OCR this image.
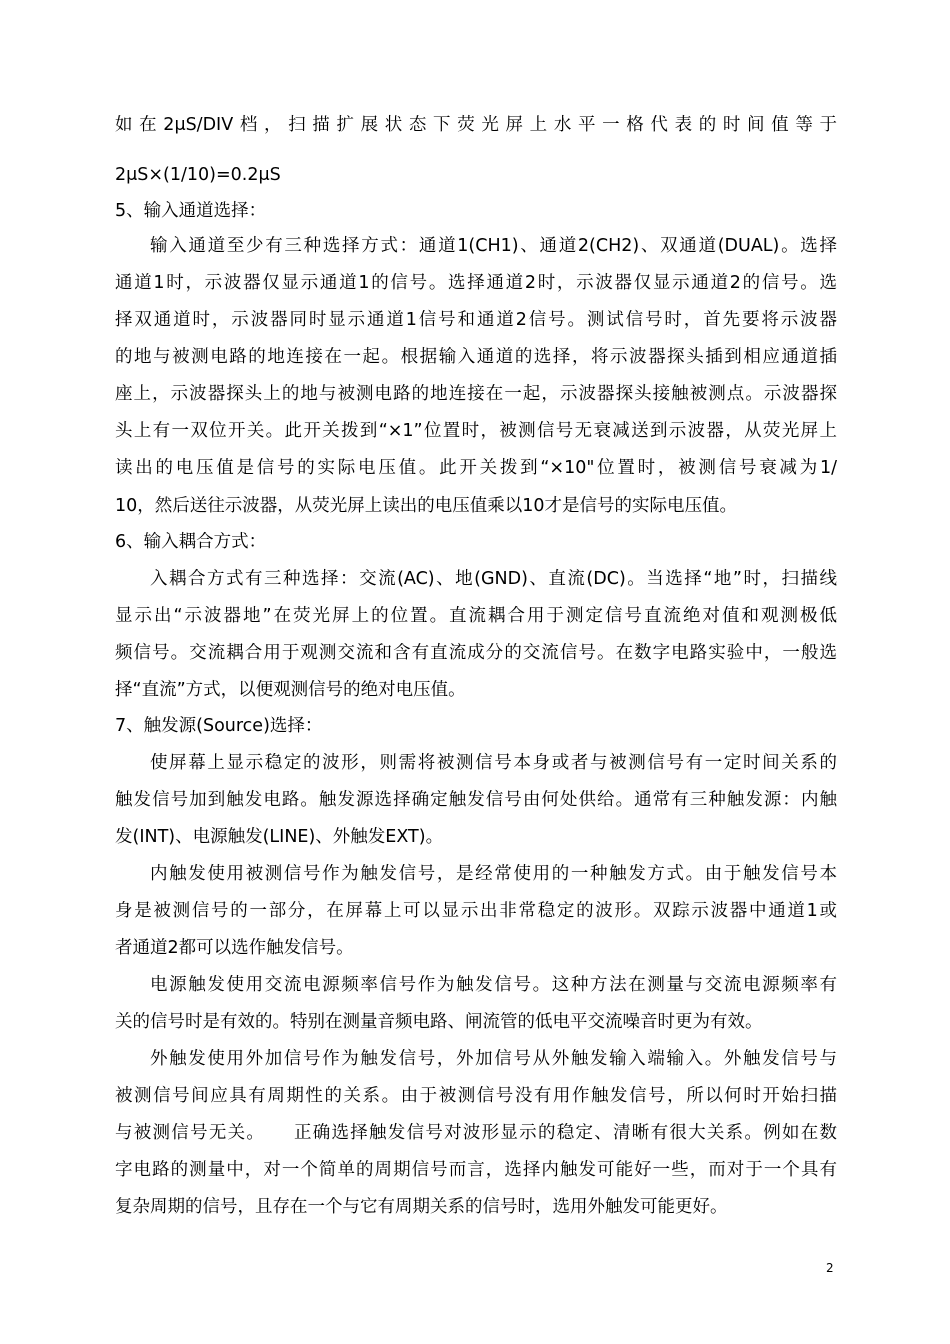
如在2μS/DIV档，扫描扩展状态下荧光屏上水平一格代表的时间值等于
2μS×(1/10)=0.2μS
5、输入通道选择：
输入通道至少有三种选择方式：通道1(CH1)、通道2(CH2)、双通道(DUAL)。选择
通道1时，示波器仅显示通道1的信号。选择通道2时，示波器仅显示通道2的信号。选
择双通道时，示波器同时显示通道1信号和通道2信号。测试信号时，首先要将示波器
的地与被测电路的地连接在一起。根据输入通道的选择，将示波器探头插到相应通道插
座上，示波器探头上的地与被测电路的地连接在一起，示波器探头接触被测点。示波器探
头上有一双位开关。此开关拨到“×1”位置时，被测信号无衰减送到示波器，从荧光屏上
读出的电压值是信号的实际电压值。此开关拨到“×10"位置时，被测信号衰减为1/
10，然后送往示波器，从荧光屏上读出的电压值乘以10才是信号的实际电压值。
6、输入耦合方式：
入耦合方式有三种选择：交流(AC)、地(GND)、直流(DC)。当选择“地”时，扫描线
显示出“示波器地”在荧光屏上的位置。直流耦合用于测定信号直流绝对值和观测极低
频信号。交流耦合用于观测交流和含有直流成分的交流信号。在数字电路实验中，一般选
择“直流”方式，以便观测信号的绝对电压值。
7、触发源(Source)选择：
使屏幕上显示稳定的波形，则需将被测信号本身或者与被测信号有一定时间关系的
触发信号加到触发电路。触发源选择确定触发信号由何处供给。通常有三种触发源：内触
发(INT)、电源触发(LINE)、外触发EXT)。
内触发使用被测信号作为触发信号，是经常使用的一种触发方式。由于触发信号本
身是被测信号的一部分，在屏幕上可以显示出非常稳定的波形。双踪示波器中通道1或
者通道2都可以选作触发信号。
电源触发使用交流电源频率信号作为触发信号。这种方法在测量与交流电源频率有
关的信号时是有效的。特别在测量音频电路、闸流管的低电平交流噪音时更为有效。
外触发使用外加信号作为触发信号，外加信号从外触发输入端输入。外触发信号与
被测信号间应具有周期性的关系。由于被测信号没有用作触发信号，所以何时开始扫描
与被测信号无关。　　正确选择触发信号对波形显示的稳定、清晰有很大关系。例如在数
字电路的测量中，对一个简单的周期信号而言，选择内触发可能好一些，而对于一个具有
复杂周期的信号，且存在一个与它有周期关系的信号时，选用外触发可能更好。
2
